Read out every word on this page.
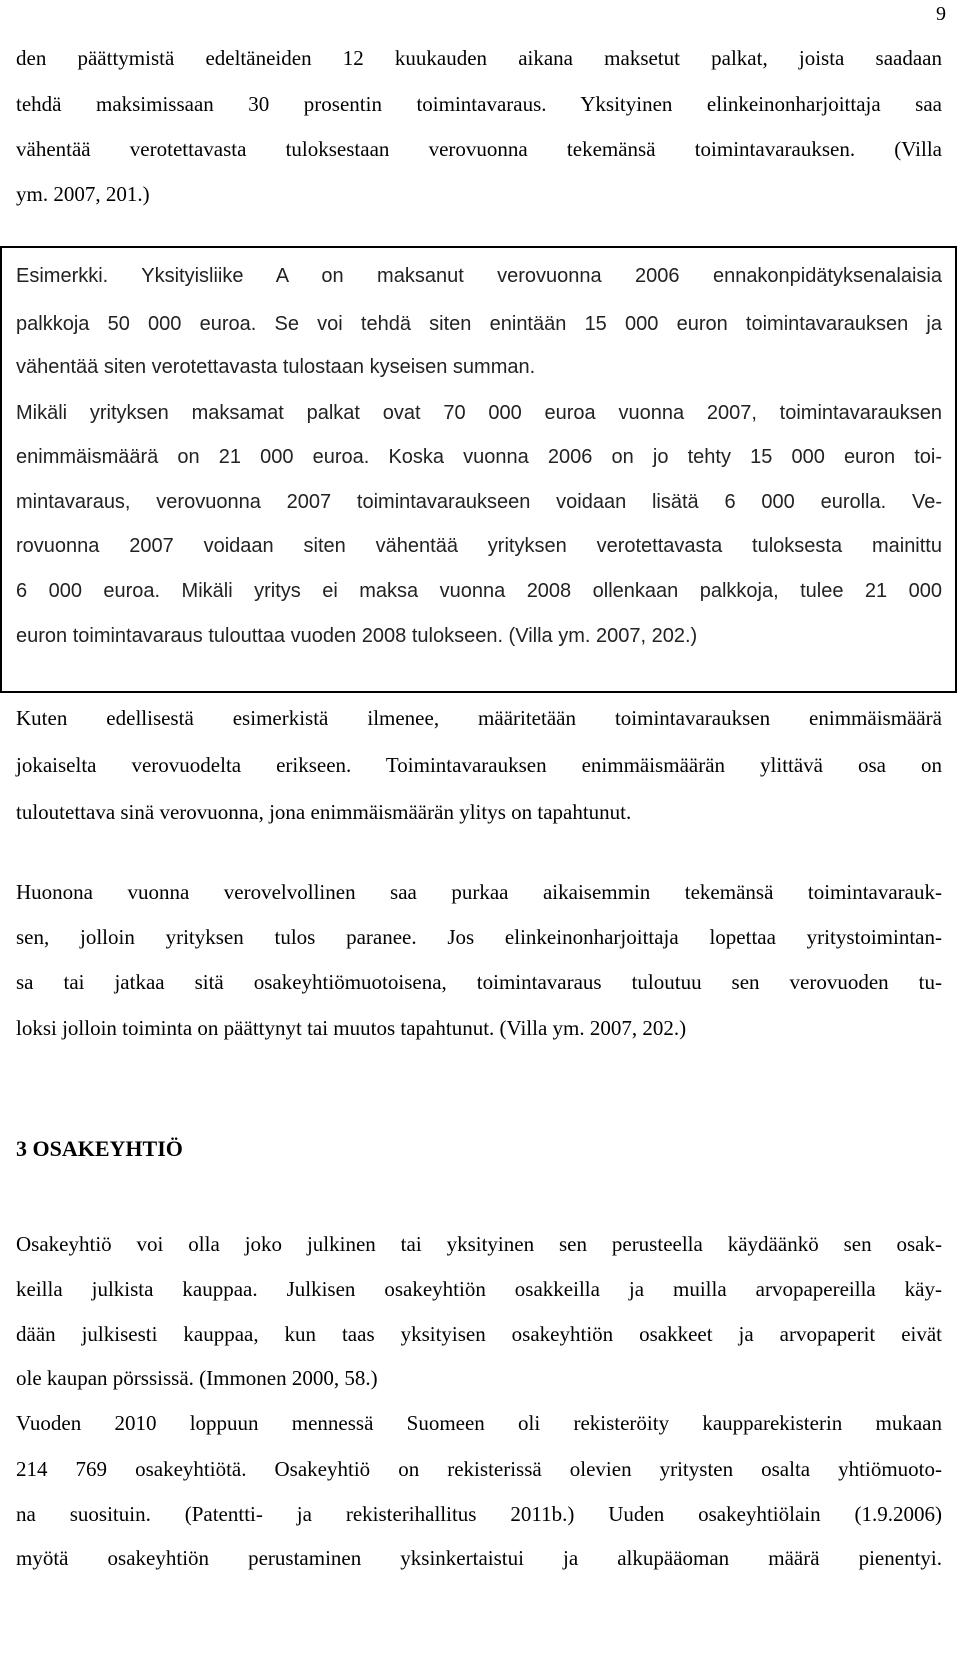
9
den päättymistä edeltäneiden 12 kuukauden aikana maksetut palkat, joista saadaan
tehdä maksimissaan 30 prosentin toimintavaraus. Yksityinen elinkeinonharjoittaja saa
vähentää verotettavasta tuloksestaan verovuonna tekemänsä toimintavarauksen. (Villa
ym. 2007, 201.)
Esimerkki. Yksityisliike A on maksanut verovuonna 2006 ennakonpidätyksenalaisia
palkkoja 50 000 euroa. Se voi tehdä siten enintään 15 000 euron toimintavarauksen ja
vähentää siten verotettavasta tulostaan kyseisen summan.
Mikäli yrityksen maksamat palkat ovat 70 000 euroa vuonna 2007, toimintavarauksen
enimmäismäärä on 21 000 euroa. Koska vuonna 2006 on jo tehty 15 000 euron toi-
mintavaraus, verovuonna 2007 toimintavaraukseen voidaan lisätä 6 000 eurolla. Ve-
rovuonna 2007 voidaan siten vähentää yrityksen verotettavasta tuloksesta mainittu
6 000 euroa. Mikäli yritys ei maksa vuonna 2008 ollenkaan palkkoja, tulee 21 000
euron toimintavaraus tulouttaa vuoden 2008 tulokseen. (Villa ym. 2007, 202.)
Kuten edellisestä esimerkistä ilmenee, määritetään toimintavarauksen enimmäismäärä
jokaiselta verovuodelta erikseen. Toimintavarauksen enimmäismäärän ylittävä osa on
tuloutettava sinä verovuonna, jona enimmäismäärän ylitys on tapahtunut.
Huonona vuonna verovelvollinen saa purkaa aikaisemmin tekemänsä toimintavarauk-
sen, jolloin yrityksen tulos paranee. Jos elinkeinonharjoittaja lopettaa yritystoimintan-
sa tai jatkaa sitä osakeyhtiömuotoisena, toimintavaraus tuloutuu sen verovuoden tu-
loksi jolloin toiminta on päättynyt tai muutos tapahtunut. (Villa ym. 2007, 202.)
3 OSAKEYHTIÖ
Osakeyhtiö voi olla joko julkinen tai yksityinen sen perusteella käydäänkö sen osak-
keilla julkista kauppaa. Julkisen osakeyhtiön osakkeilla ja muilla arvopapereilla käy-
dään julkisesti kauppaa, kun taas yksityisen osakeyhtiön osakkeet ja arvopaperit eivät
ole kaupan pörssissä. (Immonen 2000, 58.)
Vuoden 2010 loppuun mennessä Suomeen oli rekisteröity kaupparekisterin mukaan
214 769 osakeyhtiötä. Osakeyhtiö on rekisterissä olevien yritysten osalta yhtiömuoto-
na suosituin. (Patentti- ja rekisterihallitus 2011b.) Uuden osakeyhtiölain (1.9.2006)
myötä osakeyhtiön perustaminen yksinkertaistui ja alkupääoman määrä pienentyi.
